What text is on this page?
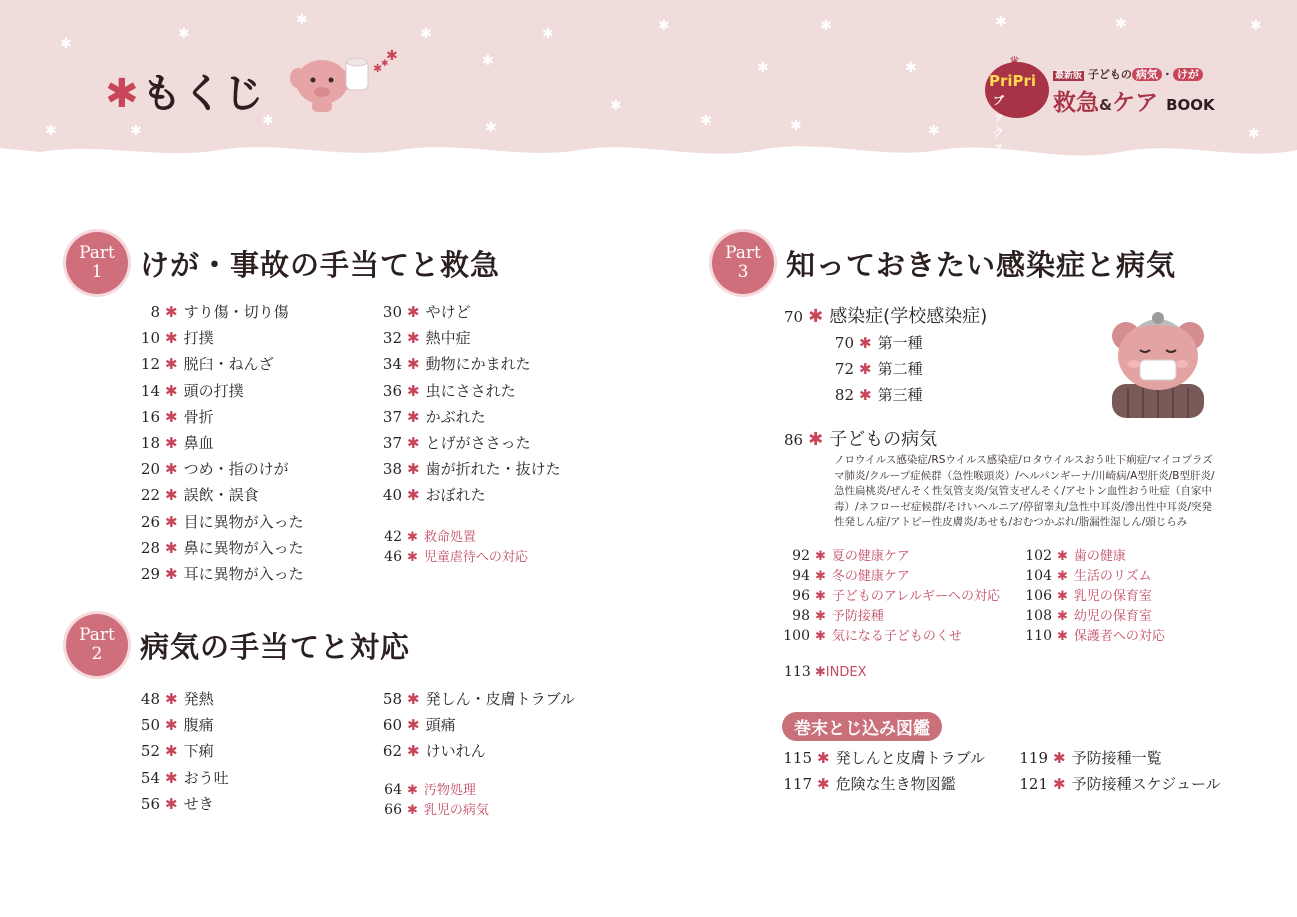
✱
✱	✱
✱
✱
✱
✱
✱
✱
✱
✱
✱
✱
✱
✱
✱
✱
✱
✱	✱
✱
✱
✱
✱
✱
✱もくじ
♛
PriPri
ブックス
最新版 子どもの 病気 ・ けが
救急&ケア BOOK
Part
1	けが・事故の手当てと救急
8 ✱ すり傷・切り傷
10 ✱ 打撲
12 ✱ 脱臼・ねんざ
14 ✱ 頭の打撲
16 ✱ 骨折
18 ✱ 鼻血
20 ✱ つめ・指のけが
22 ✱ 誤飲・誤食
26 ✱ 目に異物が入った
28 ✱ 鼻に異物が入った
29 ✱ 耳に異物が入った
30 ✱ やけど
32 ✱ 熱中症
34 ✱ 動物にかまれた
36 ✱ 虫にさされた
37 ✱ かぶれた
37 ✱ とげがささった
38 ✱ 歯が折れた・抜けた
40 ✱ おぼれた
42 ✱ 救命処置
46 ✱ 児童虐待への対応
Part
2	病気の手当てと対応
48 ✱ 発熱
50 ✱ 腹痛
52 ✱ 下痢
54 ✱ おう吐
56 ✱ せき
58 ✱ 発しん・皮膚トラブル
60 ✱ 頭痛
62 ✱ けいれん
64 ✱ 汚物処理
66 ✱ 乳児の病気
Part
3	知っておきたい感染症と病気
70 ✱ 感染症(学校感染症)
70 ✱ 第一種
72 ✱ 第二種
82 ✱ 第三種
86 ✱ 子どもの病気
ノロウイルス感染症/RSウイルス感染症/ロタウイルスおう吐下痢症/マイコプラズマ肺炎/クループ症候群（急性喉頭炎）/ヘルパンギーナ/川崎病/A型肝炎/B型肝炎/急性扁桃炎/ぜんそく性気管支炎/気管支ぜんそく/アセトン血性おう吐症（自家中毒）/ネフローゼ症候群/そけいヘルニア/停留睾丸/急性中耳炎/滲出性中耳炎/突発性発しん症/アトピー性皮膚炎/あせも/おむつかぶれ/脂漏性湿しん/頭じらみ
92 ✱ 夏の健康ケア
94 ✱ 冬の健康ケア
96 ✱ 子どものアレルギーへの対応
98 ✱ 予防接種
100 ✱ 気になる子どものくせ
102 ✱ 歯の健康
104 ✱ 生活のリズム
106 ✱ 乳児の保育室
108 ✱ 幼児の保育室
110 ✱ 保護者への対応
113 ✱INDEX
巻末とじ込み図鑑
115 ✱ 発しんと皮膚トラブル
117 ✱ 危険な生き物図鑑
119 ✱ 予防接種一覧
121 ✱ 予防接種スケジュール
